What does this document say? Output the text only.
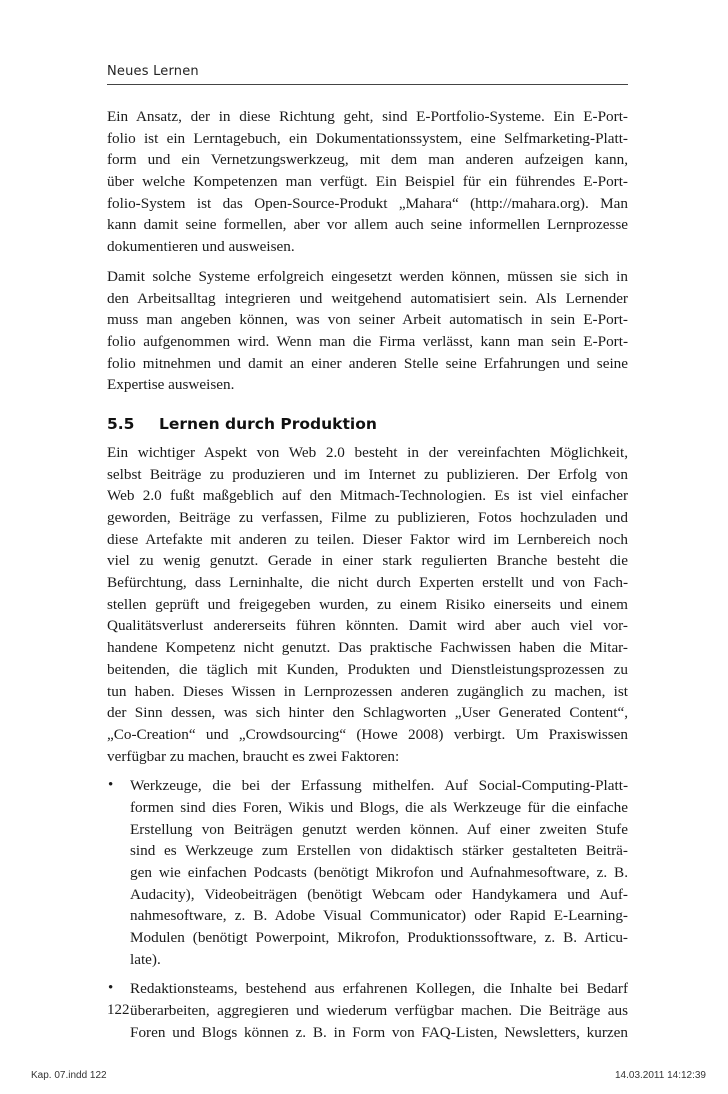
Neues Lernen
Ein Ansatz, der in diese Richtung geht, sind E-Portfolio-Systeme. Ein E-Port-
folio ist ein Lerntagebuch, ein Dokumentationssystem, eine Selfmarketing-Platt-
form und ein Vernetzungswerkzeug, mit dem man anderen aufzeigen kann,
über welche Kompetenzen man verfügt. Ein Beispiel für ein führendes E-Port-
folio-System ist das Open-Source-Produkt „Mahara“ (http://mahara.org). Man
kann damit seine formellen, aber vor allem auch seine informellen Lernprozesse
dokumentieren und ausweisen.
Damit solche Systeme erfolgreich eingesetzt werden können, müssen sie sich in
den Arbeitsalltag integrieren und weitgehend automatisiert sein. Als Lernender
muss man angeben können, was von seiner Arbeit automatisch in sein E-Port-
folio aufgenommen wird. Wenn man die Firma verlässt, kann man sein E-Port-
folio mitnehmen und damit an einer anderen Stelle seine Erfahrungen und seine
Expertise ausweisen.
5.5 Lernen durch Produktion
Ein wichtiger Aspekt von Web 2.0 besteht in der vereinfachten Möglichkeit,
selbst Beiträge zu produzieren und im Internet zu publizieren. Der Erfolg von
Web 2.0 fußt maßgeblich auf den Mitmach-Technologien. Es ist viel einfacher
geworden, Beiträge zu verfassen, Filme zu publizieren, Fotos hochzuladen und
diese Artefakte mit anderen zu teilen. Dieser Faktor wird im Lernbereich noch
viel zu wenig genutzt. Gerade in einer stark regulierten Branche besteht die
Befürchtung, dass Lerninhalte, die nicht durch Experten erstellt und von Fach-
stellen geprüft und freigegeben wurden, zu einem Risiko einerseits und einem
Qualitätsverlust andererseits führen könnten. Damit wird aber auch viel vor-
handene Kompetenz nicht genutzt. Das praktische Fachwissen haben die Mitar-
beitenden, die täglich mit Kunden, Produkten und Dienstleistungsprozessen zu
tun haben. Dieses Wissen in Lernprozessen anderen zugänglich zu machen, ist
der Sinn dessen, was sich hinter den Schlagworten „User Generated Content“,
„Co-Creation“ und „Crowdsourcing“ (Howe 2008) verbirgt. Um Praxiswissen
verfügbar zu machen, braucht es zwei Faktoren:
• Werkzeuge, die bei der Erfassung mithelfen. Auf Social-Computing-Platt-
formen sind dies Foren, Wikis und Blogs, die als Werkzeuge für die einfache
Erstellung von Beiträgen genutzt werden können. Auf einer zweiten Stufe
sind es Werkzeuge zum Erstellen von didaktisch stärker gestalteten Beiträ-
gen wie einfachen Podcasts (benötigt Mikrofon und Aufnahmesoftware, z. B.
Audacity), Videobeiträgen (benötigt Webcam oder Handykamera und Auf-
nahmesoftware, z. B. Adobe Visual Communicator) oder Rapid E-Learning-
Modulen (benötigt Powerpoint, Mikrofon, Produktionssoftware, z. B. Articu-
late).
• Redaktionsteams, bestehend aus erfahrenen Kollegen, die Inhalte bei Bedarf
überarbeiten, aggregieren und wiederum verfügbar machen. Die Beiträge aus
Foren und Blogs können z. B. in Form von FAQ-Listen, Newsletters, kurzen
122
Kap. 07.indd 122	14.03.2011 14:12:39
